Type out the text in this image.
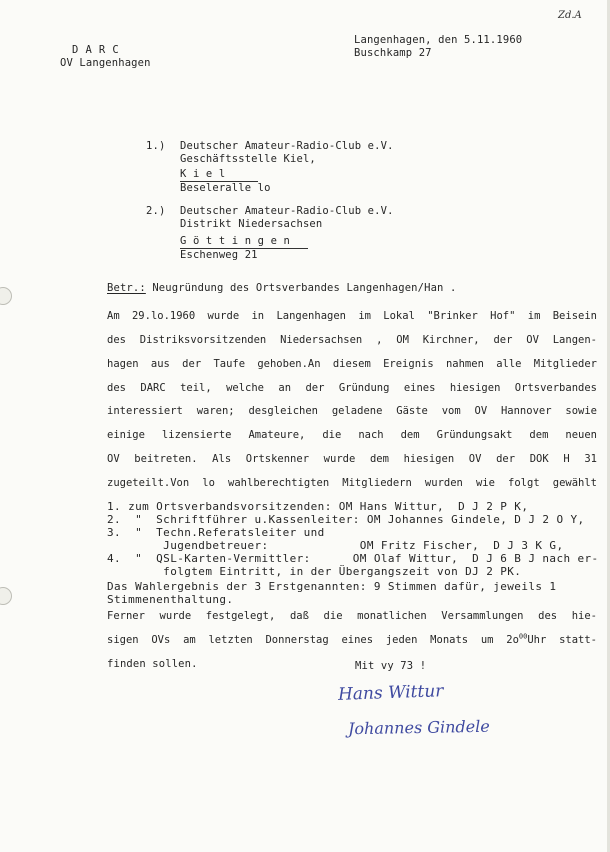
Zd.A
D A R C
OV Langenhagen
Langenhagen, den 5.11.1960
Buschkamp 27
1.) Deutscher Amateur-Radio-Club e.V.
Geschäftsstelle Kiel,
K i e l
Beseleralle lo
2.) Deutscher Amateur-Radio-Club e.V.
Distrikt Niedersachsen
G ö t t i n g e n
Eschenweg 21
Betr.: Neugründung des Ortsverbandes Langenhagen/Han .
Am 29.lo.1960 wurde in Langenhagen im Lokal "Brinker Hof" im Beisein
des Distriksvorsitzenden Niedersachsen , OM Kirchner, der OV Langen-
hagen aus der Taufe gehoben.An diesem Ereignis nahmen alle Mitglieder
des DARC teil, welche an der Gründung eines hiesigen Ortsverbandes
interessiert waren; desgleichen geladene Gäste vom OV Hannover sowie
einige lizensierte Amateure, die nach dem Gründungsakt dem neuen
OV beitreten. Als Ortskenner wurde dem hiesigen OV der DOK H 31
zugeteilt.Von lo wahlberechtigten Mitgliedern wurden wie folgt gewählt
1. zum Ortsverbandsvorsitzenden: OM Hans Wittur,  D J 2 P K,
2.  "  Schriftführer u.Kassenleiter: OM Johannes Gindele, D J 2 O Y,
3.  "  Techn.Referatsleiter und
Jugendbetreuer:             OM Fritz Fischer,  D J 3 K G,
4.  "  QSL-Karten-Vermittler:      OM Olaf Wittur,  D J 6 B J nach er-
folgtem Eintritt, in der Übergangszeit von DJ 2 PK.
Das Wahlergebnis der 3 Erstgenannten: 9 Stimmen dafür, jeweils 1
Stimmenenthaltung.
Ferner wurde festgelegt, daß die monatlichen Versammlungen des hie-
sigen OVs am letzten Donnerstag eines jeden Monats um $2o^{00}Uhr$ statt-
finden sollen.	Mit vy 73 !
Hans Wittur
Johannes Gindele
